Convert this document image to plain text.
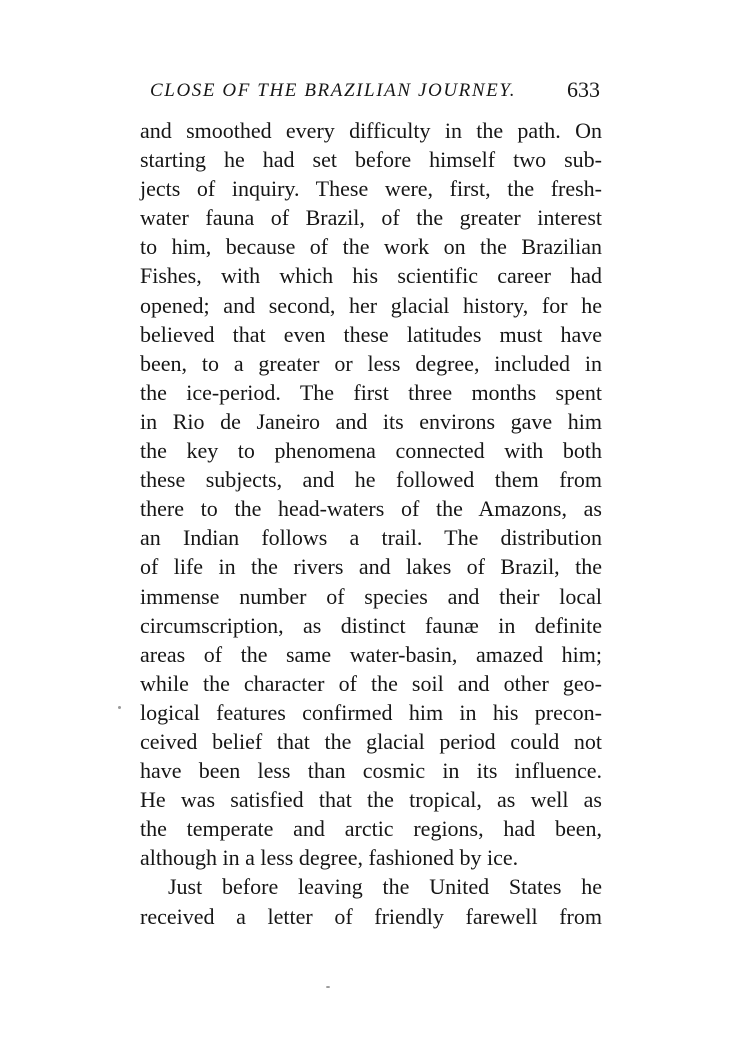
CLOSE OF THE BRAZILIAN JOURNEY. 633
and smoothed every difficulty in the path. On
starting he had set before himself two sub-
jects of inquiry. These were, first, the fresh-
water fauna of Brazil, of the greater interest
to him, because of the work on the Brazilian
Fishes, with which his scientific career had
opened; and second, her glacial history, for he
believed that even these latitudes must have
been, to a greater or less degree, included in
the ice-period. The first three months spent
in Rio de Janeiro and its environs gave him
the key to phenomena connected with both
these subjects, and he followed them from
there to the head-waters of the Amazons, as
an Indian follows a trail. The distribution
of life in the rivers and lakes of Brazil, the
immense number of species and their local
circumscription, as distinct faunæ in definite
areas of the same water-basin, amazed him;
while the character of the soil and other geo-
logical features confirmed him in his precon-
ceived belief that the glacial period could not
have been less than cosmic in its influence.
He was satisfied that the tropical, as well as
the temperate and arctic regions, had been,
although in a less degree, fashioned by ice.
Just before leaving the United States he
received a letter of friendly farewell from
